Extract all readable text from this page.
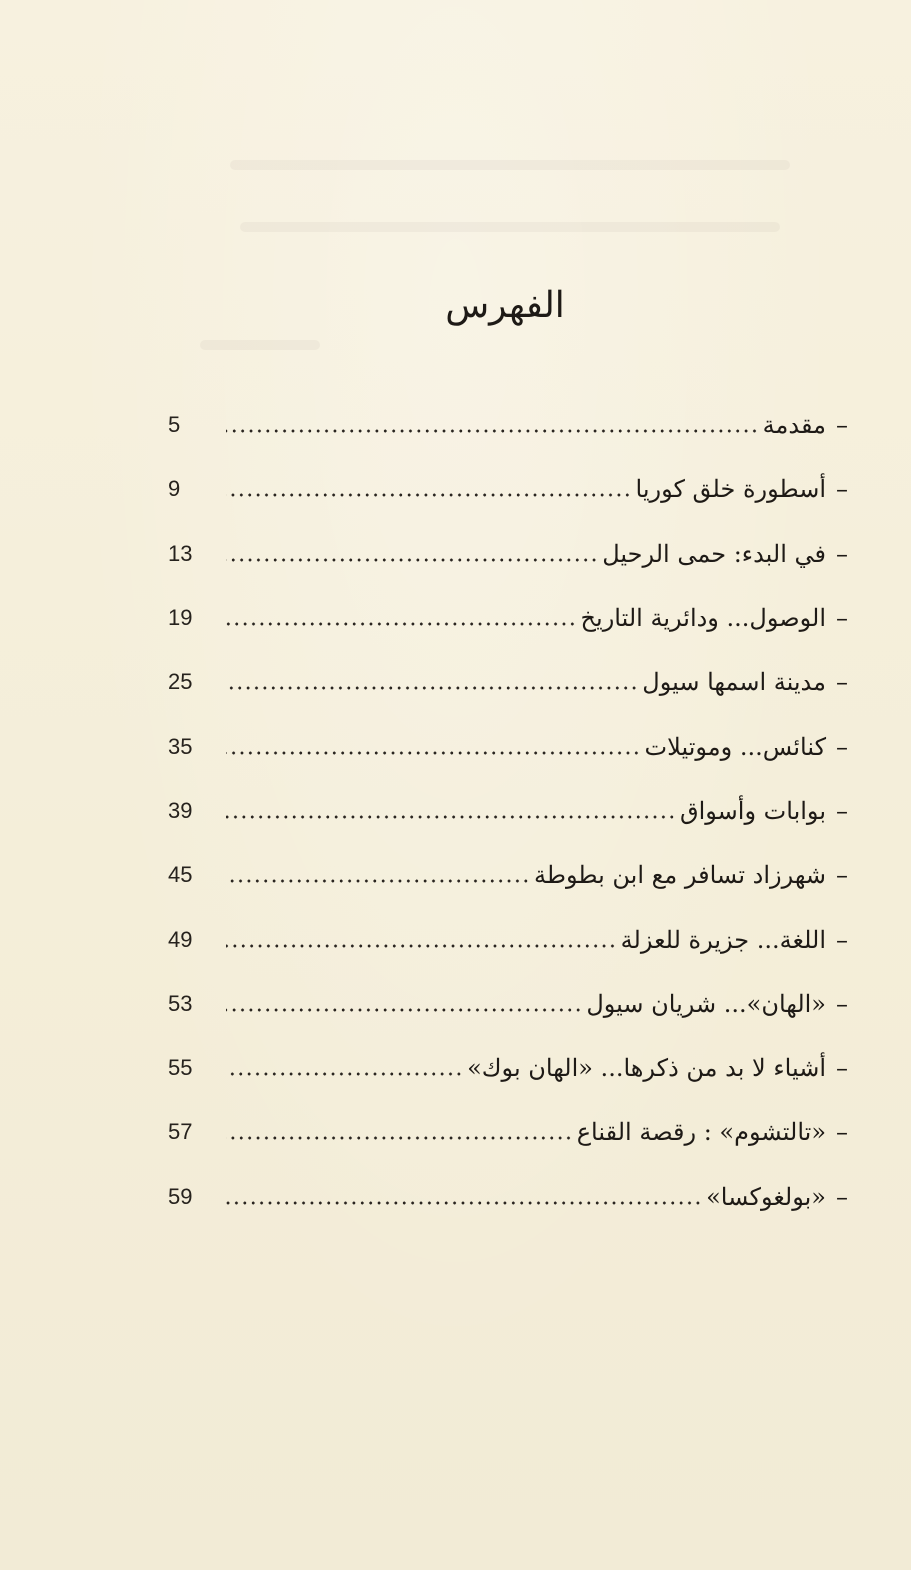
الفهرس
5	–مقدمة
9	–أسطورة خلق كوريا
13	–في البدء: حمى الرحيل
19	–الوصول... ودائرية التاريخ
25	–مدينة اسمها سيول
35	–كنائس... وموتيلات
39	–بوابات وأسواق
45	–شهرزاد تسافر مع ابن بطوطة
49	–اللغة... جزيرة للعزلة
53	–«الهان»... شريان سيول
55	–أشياء لا بد من ذكرها... «الهان بوك»
57	–«تالتشوم» : رقصة القناع
59	–«بولغوكسا»
